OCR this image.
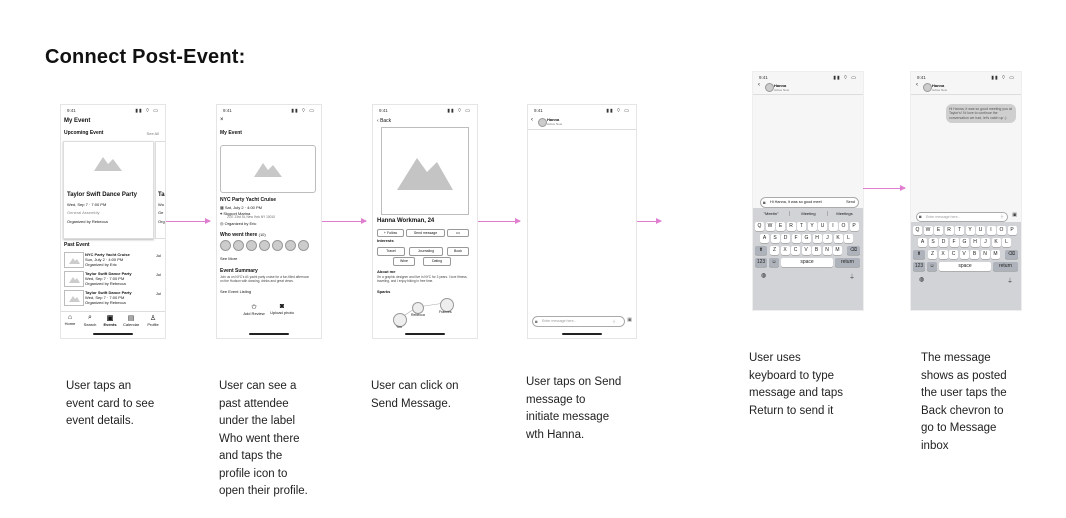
Connect Post-Event:
9:41	▮▮ ⌔ ▭
My Event
Upcoming Event	See All
Taylor Swift Dance Party
Wed, Sep 7 · 7:00 PM
General Assembly
Organized by Rebecca
Ta
Wo
Ge
Org
Past Event
NYC Party Yacht Cruise
Sun, July 2 · 4:00 PM
Organized by Eric
Jul
Taylor Swift Dance Party
Wed, Sep 7 · 7:00 PM
Organized by Rebecca
Jul
Taylor Swift Dance Party
Wed, Sep 7 · 7:00 PM
Organized by Rebecca
Jul
⌂
Home
⌕
Search
▣
Events
▤
Calendar
♙
Profile
9:41	▮▮ ⌔ ▭
×
My Event
NYC Party Yacht Cruise
▦ Sat, July 2 · 4:00 PM
⌖ Skyport Marina
23 E 23rd St, New York NY 10010
◎ Organized by Eric
Who went there (10)
See More
Event Summary
Join us on NYC's #1 yacht party cruise for a fun-filled afternoon on the Hudson with dancing, drinks and great views.
See Event Listing
✩
Add Review
◙
Upload photo
9:41	▮▮ ⌔ ▭
‹ Back
Hanna Workman, 24
+ Follow	Send message	•••
Interests
Travel	Journaling	Book
Wine	Dating
About me
I'm a graphic designer and live in NYC for 3 years. I love fitness, traveling, and I enjoy biking in free time.
Sparks
You
Rebecca
Frances
9:41	▮▮ ⌔ ▭
‹	Hanna
Active Now
◙ Enter message here...	⏚ ▣
9:41	▮▮ ⌔ ▭
‹	Hanna
Active Now
◙ Hi Hanna, it was so good meet	Send
"Meetin"	Meeting	Meetings
Q	W	E	R	T	Y	U	I	O	P
A	S	D	F	G	H	J	K	L
⬆	Z	X	C	V	B	N	M	⌫
123	☺	space	return
◍	⏚
9:41	▮▮ ⌔ ▭
‹	Hanna
Active Now
Hi Hanna, it was so good meeting you at Taylor's! I'd love to continue the conversation we had, let's catch up :)
◙ Enter message here...	⏚ ▣
Q	W	E	R	T	Y	U	I	O	P
A	S	D	F	G	H	J	K	L
⬆	Z	X	C	V	B	N	M	⌫
123	☺	space	return
◍	⏚
User taps an
event card to see
event details.
User can see a
past attendee
under the label
Who went there
and taps the
profile icon to
open their profile.
User can click on
Send Message.
User taps on Send
message to
initiate message
wth Hanna.
User uses
keyboard to type
message and taps
Return to send it
The message
shows as posted
the user taps the
Back chevron to
go to Message
inbox
